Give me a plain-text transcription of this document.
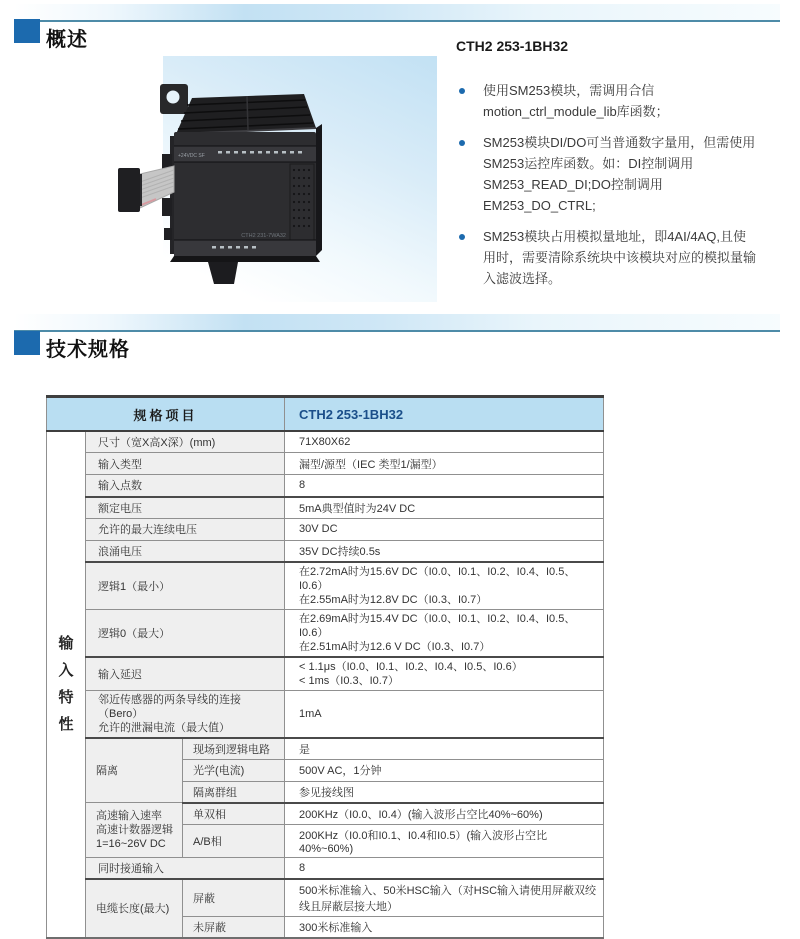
概述
+24VDC SF
CTH2 231-7WA32

CTH2 253-1BH32

使用SM253模块，需调用合信motion_ctrl_module_lib库函数；
SM253模块DI/DO可当普通数字量用，但需使用SM253运控库函数。如：DI控制调用SM253_READ_DI;DO控制调用EM253_DO_CTRL;
SM253模块占用模拟量地址，即4AI/4AQ,且使用时，需要清除系统块中该模块对应的模拟量输入滤波选择。
技术规格
规格项目			CTH2 253-1BH32

输入特性	尺寸（宽X高X深）(mm)		71X80X62
	输入类型		漏型/源型（IEC 类型1/漏型）
	输入点数		8
	额定电压		5mA典型值时为24V DC
	允许的最大连续电压		30V DC
	浪涌电压		35V DC持续0.5s
	逻辑1（最小）		在2.72mA时为15.6V DC（I0.0、I0.1、I0.2、I0.4、I0.5、I0.6）
在2.55mA时为12.8V DC（I0.3、I0.7）

	逻辑0（最大）		在2.69mA时为15.4V DC（I0.0、I0.1、I0.2、I0.4、I0.5、I0.6）
在2.51mA时为12.6 V DC（I0.3、I0.7）

	输入延迟		< 1.1μs（I0.0、I0.1、I0.2、I0.4、I0.5、I0.6）
< 1ms（I0.3、I0.7）

	邻近传感器的两条导线的连接（Bero）
允许的泄漏电流（最大值）		1mA
	隔离	现场到逻辑电路	是
		光学(电流)	500V AC，1分钟
		隔离群组	参见接线图

	高速输入速率
高速计数器逻辑
1=16~26V DC	单双相	200KHz（I0.0、I0.4）(输入波形占空比40%~60%)
		A/B相	200KHz（I0.0和I0.1、I0.4和I0.5）(输入波形占空比40%~60%)
	同时接通输入		8
	电缆长度(最大)	屏蔽	500米标准输入、50米HSC输入（对HSC输入请使用屏蔽双绞线且屏蔽层接大地）
		未屏蔽	300米标准输入
